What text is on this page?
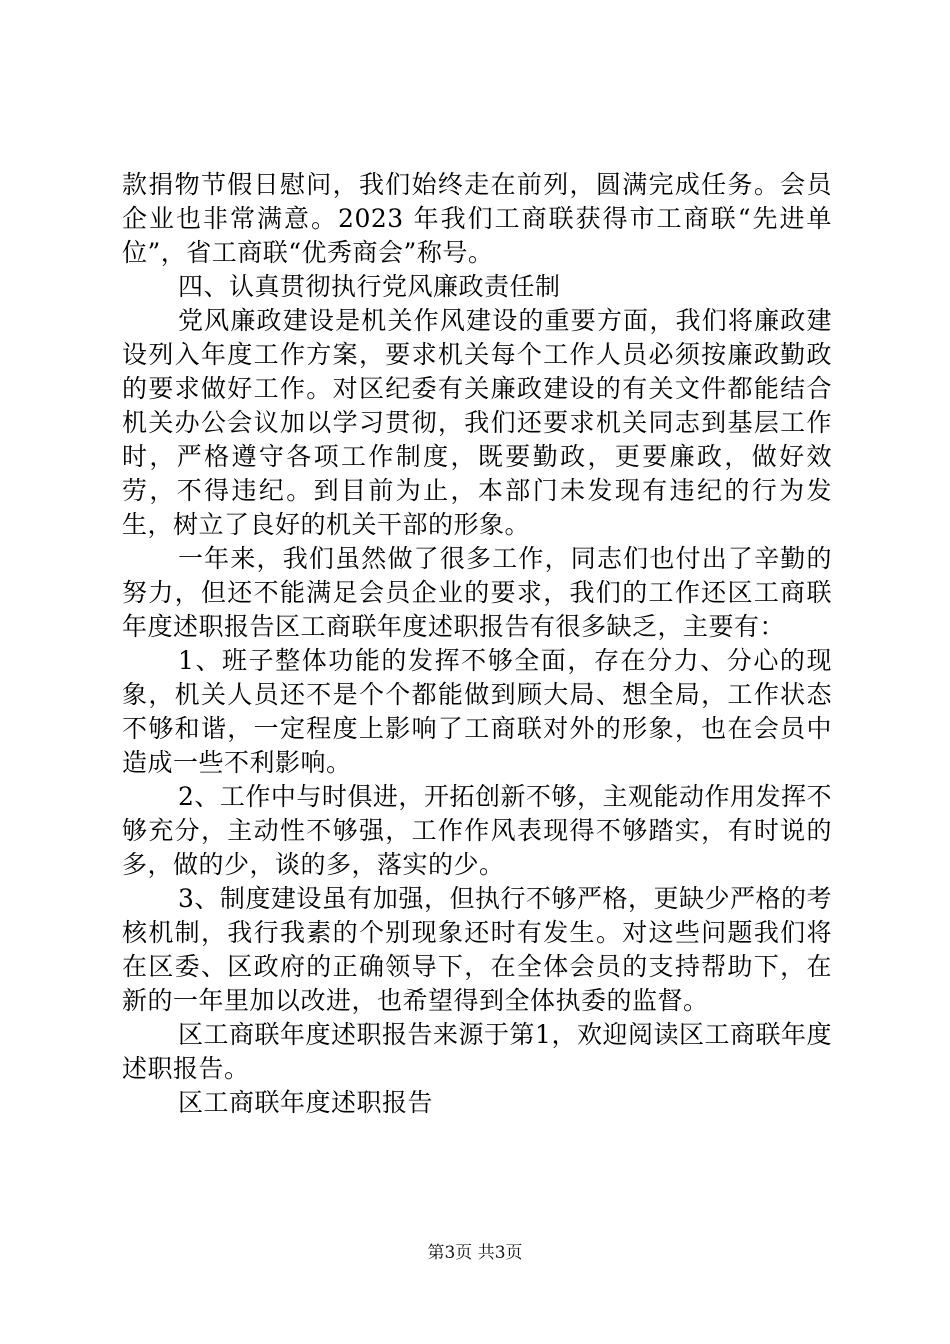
款捐物节假日慰问，我们始终走在前列，圆满完成任务。会员企业也非常满意。2023 年我们工商联获得市工商联“先进单位”，省工商联“优秀商会”称号。

四、认真贯彻执行党风廉政责任制

党风廉政建设是机关作风建设的重要方面，我们将廉政建设列入年度工作方案，要求机关每个工作人员必须按廉政勤政的要求做好工作。对区纪委有关廉政建设的有关文件都能结合机关办公会议加以学习贯彻，我们还要求机关同志到基层工作时，严格遵守各项工作制度，既要勤政，更要廉政，做好效劳，不得违纪。到目前为止，本部门未发现有违纪的行为发生，树立了良好的机关干部的形象。

一年来，我们虽然做了很多工作，同志们也付出了辛勤的努力，但还不能满足会员企业的要求，我们的工作还区工商联年度述职报告区工商联年度述职报告有很多缺乏，主要有：

1、班子整体功能的发挥不够全面，存在分力、分心的现象，机关人员还不是个个都能做到顾大局、想全局，工作状态不够和谐，一定程度上影响了工商联对外的形象，也在会员中造成一些不利影响。

2、工作中与时俱进，开拓创新不够，主观能动作用发挥不够充分，主动性不够强，工作作风表现得不够踏实，有时说的多，做的少，谈的多，落实的少。

3、制度建设虽有加强，但执行不够严格，更缺少严格的考核机制，我行我素的个别现象还时有发生。对这些问题我们将在区委、区政府的正确领导下，在全体会员的支持帮助下，在新的一年里加以改进，也希望得到全体执委的监督。

区工商联年度述职报告来源于第1，欢迎阅读区工商联年度述职报告。

区工商联年度述职报告

第3页 共3页
